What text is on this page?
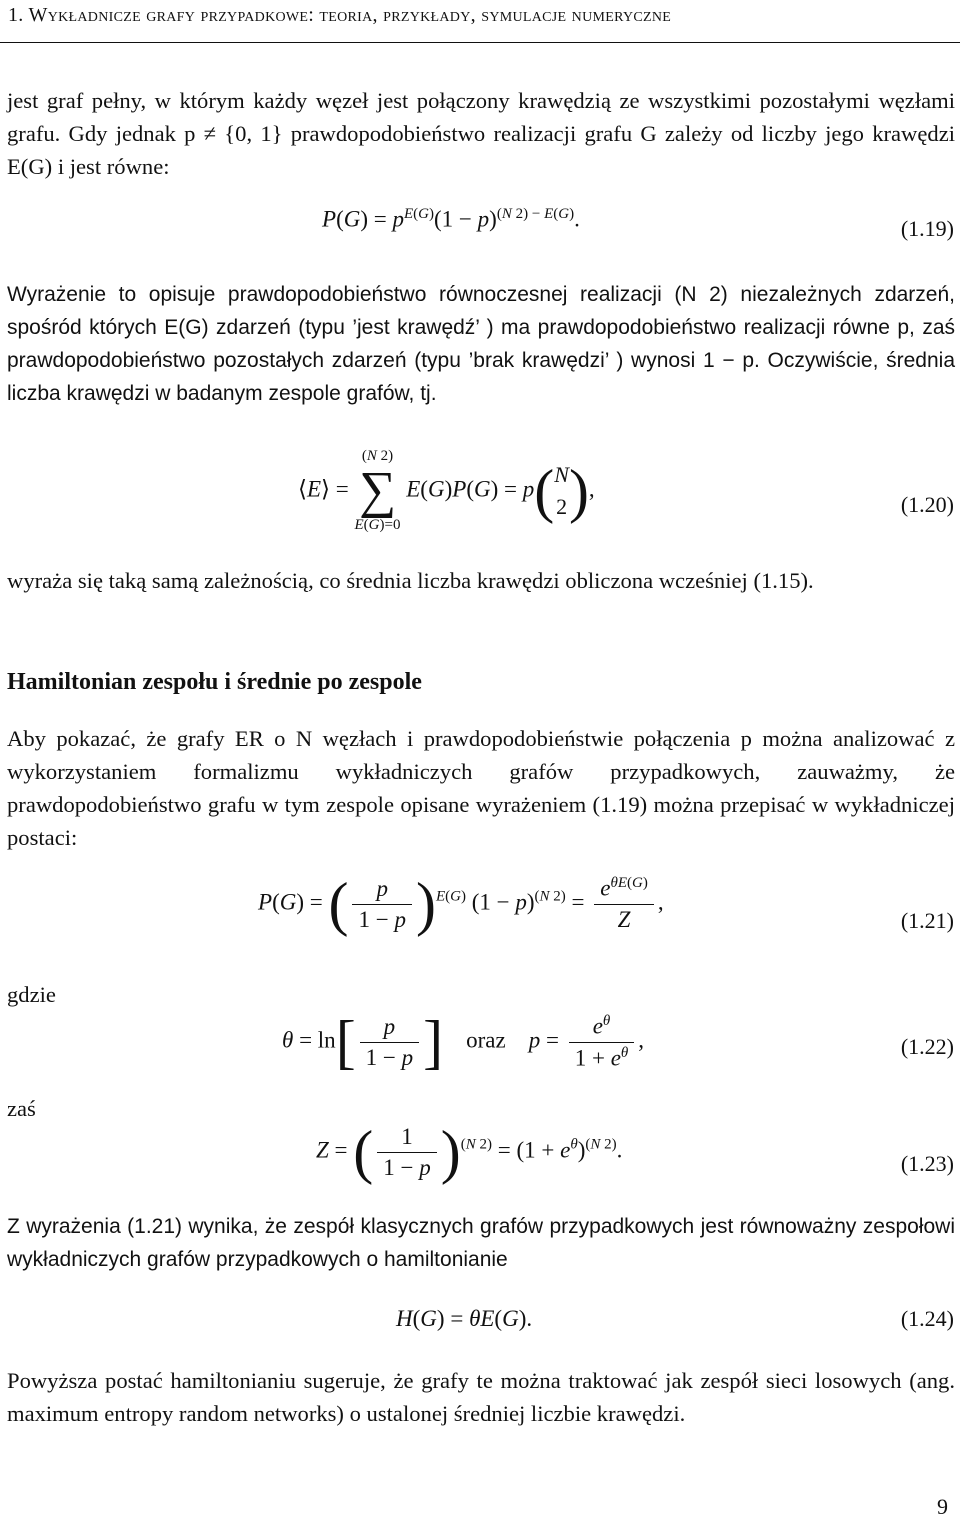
1. Wykładnicze grafy przypadkowe: teoria, przykłady, symulacje numeryczne
jest graf pełny, w którym każdy węzeł jest połączony krawędzią ze wszystkimi pozostałymi węzłami grafu. Gdy jednak p ≠ {0, 1} prawdopodobieństwo realizacji grafu G zależy od liczby jego krawędzi E(G) i jest równe:
$P(G) = p^{E(G)}(1 - p)^{(N 2) - E(G)}$.	(1.19)
Wyrażenie to opisuje prawdopodobieństwo równoczesnej realizacji (N 2) niezależnych zdarzeń, spośród których E(G) zdarzeń (typu ’jest krawędź’ ) ma prawdopodobieństwo realizacji równe p, zaś prawdopodobieństwo pozostałych zdarzeń (typu ’brak krawędzi’ ) wynosi 1 − p. Oczywiście, średnia liczba krawędzi w badanym zespole grafów, tj.
⟨E⟩ =
(N 2)
∑
E(G)=0
E(G)P(G) = p(N
2),
(1.20)
wyraża się taką samą zależnością, co średnia liczba krawędzi obliczona wcześniej (1.15).
Hamiltonian zespołu i średnie po zespole
Aby pokazać, że grafy ER o N węzłach i prawdopodobieństwie połączenia p można analizować z wykorzystaniem formalizmu wykładniczych grafów przypadkowych, zauważmy, że prawdopodobieństwo grafu w tym zespole opisane wyrażeniem (1.19) można przepisać w wykładniczej postaci:
P(G) = ( $\frac{p}{1 - p} )^{E(G)}$ $(1 - p)^{(N 2)} = \frac{e^{\theta E(G)}}{Z}$ ,
(1.21)
gdzie
$\theta = \ln[ \frac{p}{1 - p}$ ] oraz $p = \frac{e^\theta}{1 + e^\theta}$ ,	(1.22)
zaś
Z = ( $\frac{1}{1 - p} )^{(N 2)} = (1 + e^\theta)^{(N 2)}$.
(1.23)
Z wyrażenia (1.21) wynika, że zespół klasycznych grafów przypadkowych jest równoważny zespołowi wykładniczych grafów przypadkowych o hamiltonianie
H(G) = θE(G).	(1.24)
Powyższa postać hamiltonianiu sugeruje, że grafy te można traktować jak zespół sieci losowych (ang. maximum entropy random networks) o ustalonej średniej liczbie krawędzi.
9
